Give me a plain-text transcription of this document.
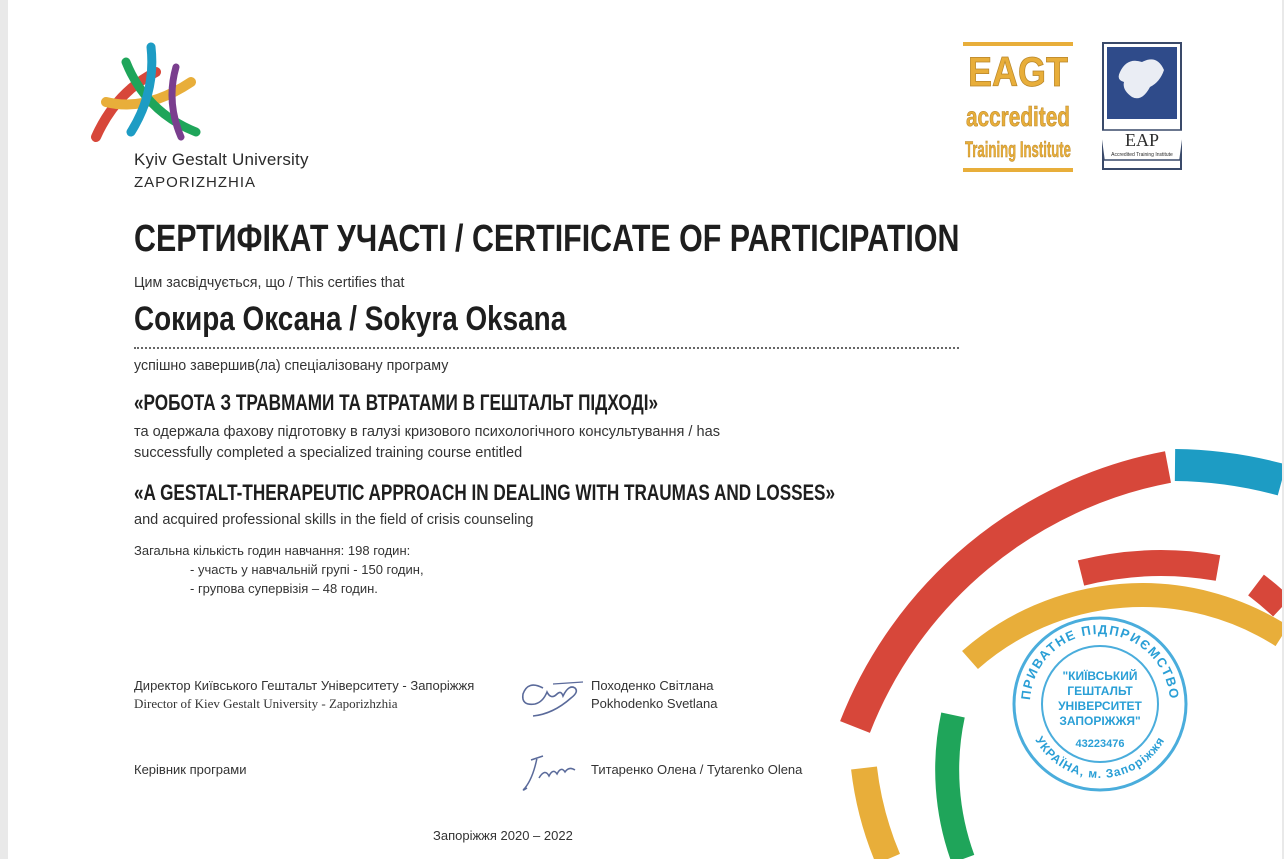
Kyiv Gestalt University
ZAPORIZHZHIA
EAGT
accredited
Training Institute	EAP
Accredited Training Institute
СЕРТИФІКАТ УЧАСТІ / CERTIFICATE OF PARTICIPATION
Цим засвідчується, що / This certifies that
Сокира Оксана / Sokyra Oksana
успішно завершив(ла) спеціалізовану програму
«РОБОТА З ТРАВМАМИ ТА ВТРАТАМИ В ГЕШТАЛЬТ ПІДХОДІ»
та одержала фахову підготовку в галузі кризового психологічного консультування / has
successfully completed a specialized training course entitled
«A GESTALT-THERAPEUTIC APPROACH IN DEALING WITH TRAUMAS AND LOSSES»
and acquired professional skills in the field of crisis counseling
Загальна кількість годин навчання: 198 годин:
- участь у навчальній групі - 150 годин,
- групова супервізія – 48 годин.
Директор Київського Гештальт Університету - Запоріжжя
Director of Kiev Gestalt University - Zaporizhzhia
Походенко Світлана
Pokhodenko Svetlana
Керівник програми	Титаренко Олена / Tytarenko Olena
ПРИВАТНЕ ПІДПРИЄМСТВО
УКРАЇНА, м. Запоріжжя
"КИЇВСЬКИЙ
ГЕШТАЛЬТ
УНІВЕРСИТЕТ
ЗАПОРІЖЖЯ"
43223476
Запоріжжя 2020 – 2022
